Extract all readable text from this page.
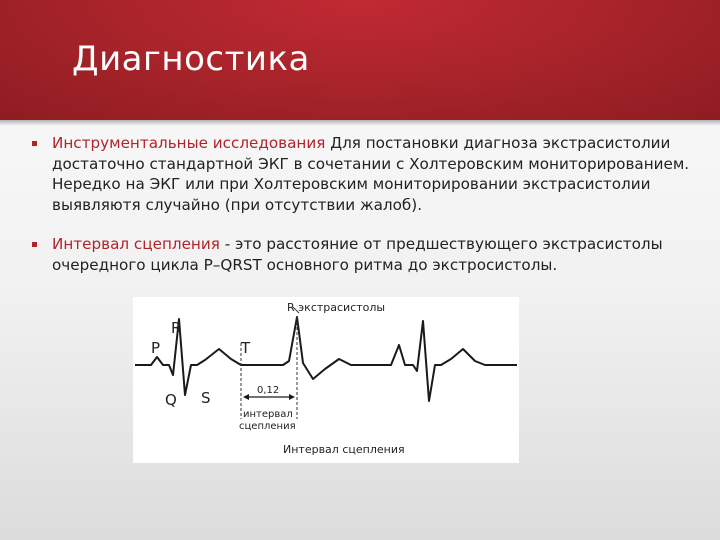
Диагностика

Инструментальные исследования Для постановки диагноза экстрасистолии достаточно стандартной ЭКГ в сочетании с Холтеровским мониторированием. Нередко на ЭКГ или при Холтеровским мониторировании экстрасистолии выявляютя случайно (при отсутствии жалоб).

Интервал сцепления - это расстояние от предшествующего экстрасистолы очередного цикла P–QRST основного ритма до экстросистолы.

R экстрасистолы
R
P	T
Q S	0,12
интервал
сцепления
Интервал сцепления
